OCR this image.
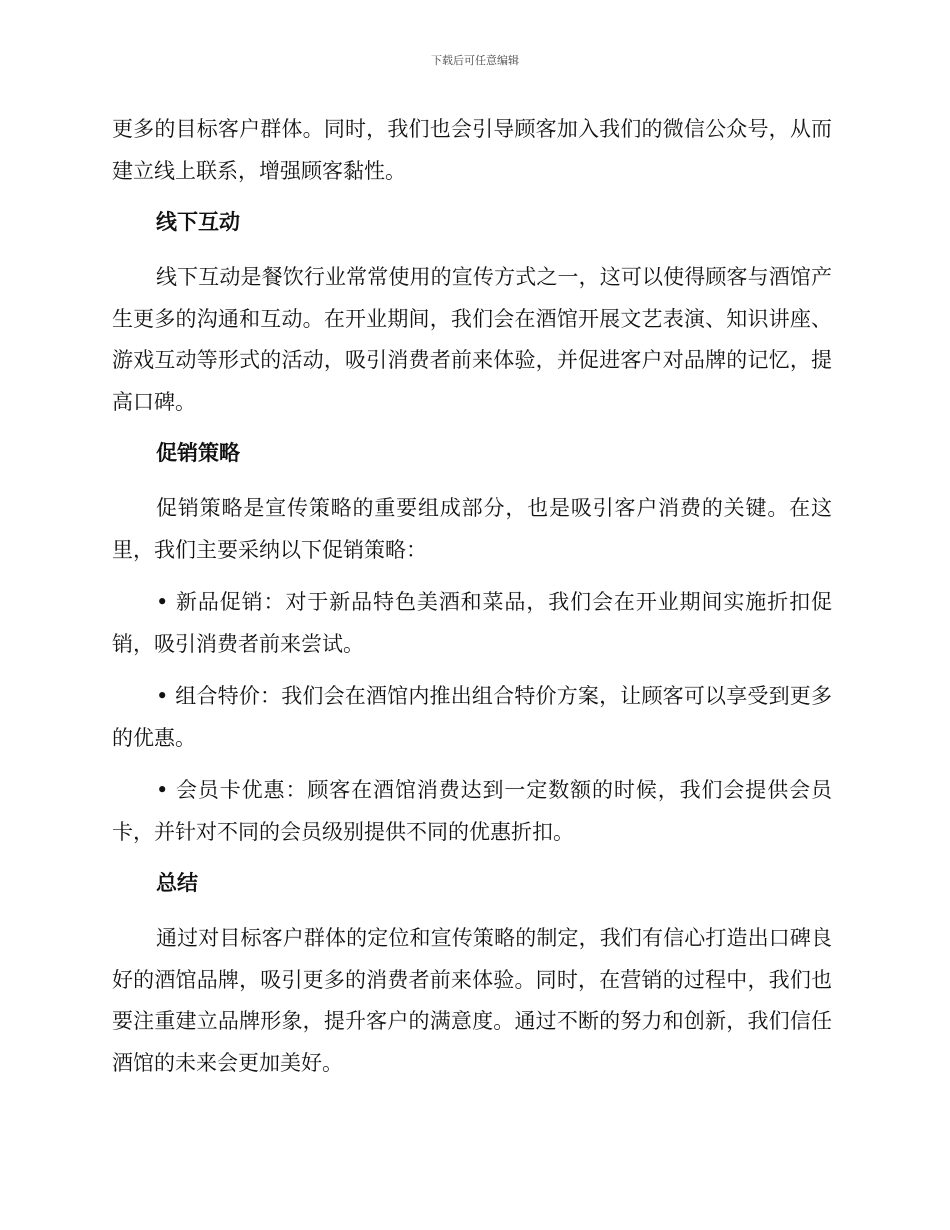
下载后可任意编辑

更多的目标客户群体。同时，我们也会引导顾客加入我们的微信公众号，从而建立线上联系，增强顾客黏性。

线下互动

线下互动是餐饮行业常常使用的宣传方式之一，这可以使得顾客与酒馆产生更多的沟通和互动。在开业期间，我们会在酒馆开展文艺表演、知识讲座、游戏互动等形式的活动，吸引消费者前来体验，并促进客户对品牌的记忆，提高口碑。

促销策略

促销策略是宣传策略的重要组成部分，也是吸引客户消费的关键。在这里，我们主要采纳以下促销策略：

• 新品促销：对于新品特色美酒和菜品，我们会在开业期间实施折扣促销，吸引消费者前来尝试。

• 组合特价：我们会在酒馆内推出组合特价方案，让顾客可以享受到更多的优惠。

• 会员卡优惠：顾客在酒馆消费达到一定数额的时候，我们会提供会员卡，并针对不同的会员级别提供不同的优惠折扣。

总结

通过对目标客户群体的定位和宣传策略的制定，我们有信心打造出口碑良好的酒馆品牌，吸引更多的消费者前来体验。同时，在营销的过程中，我们也要注重建立品牌形象，提升客户的满意度。通过不断的努力和创新，我们信任酒馆的未来会更加美好。
